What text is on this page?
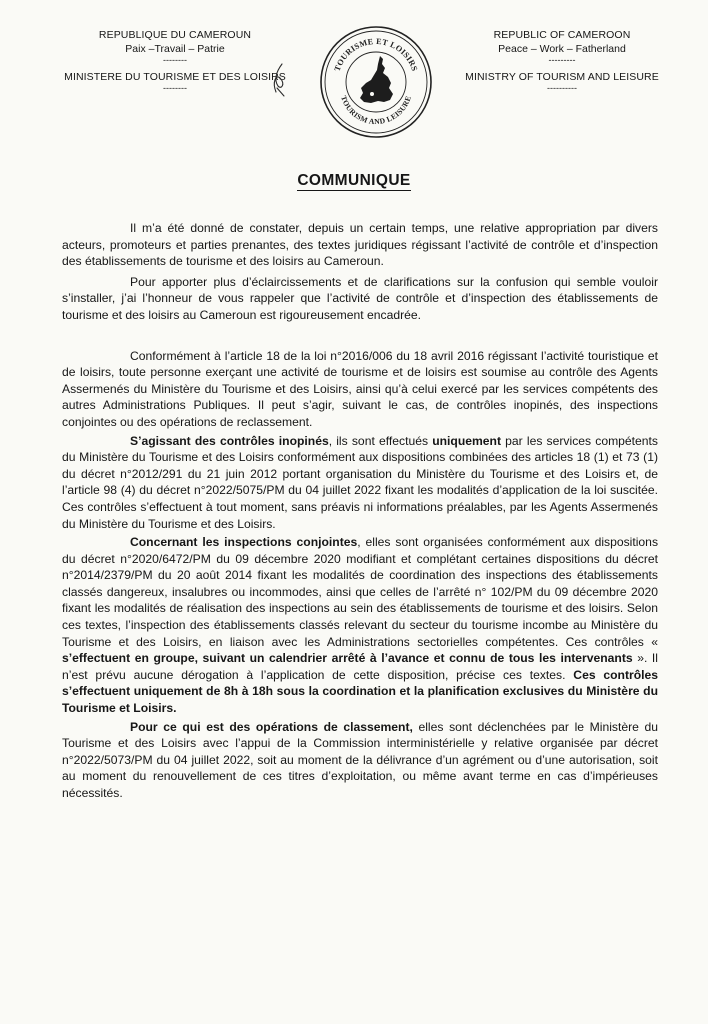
REPUBLIQUE DU CAMEROUN
Paix –Travail – Patrie
--------
MINISTERE DU TOURISME ET DES LOISIRS
--------
TOURISME ET LOISIRS
TOURISM AND LEISURE
REPUBLIC OF CAMEROON
Peace – Work – Fatherland
---------
MINISTRY OF TOURISM AND LEISURE
----------
COMMUNIQUE

Il m’a été donné de constater, depuis un certain temps, une relative appropriation par divers acteurs, promoteurs et parties prenantes, des textes juridiques régissant l’activité de contrôle et d’inspection des établissements de tourisme et des loisirs au Cameroun.

Pour apporter plus d’éclaircissements et de clarifications sur la confusion qui semble vouloir s’installer, j’ai l’honneur de vous rappeler que l’activité de contrôle et d’inspection des établissements de tourisme et des loisirs au Cameroun est rigoureusement encadrée.

Conformément à l’article 18 de la loi n°2016/006 du 18 avril 2016 régissant l’activité touristique et de loisirs, toute personne exerçant une activité de tourisme et de loisirs est soumise au contrôle des Agents Assermenés du Ministère du Tourisme et des Loisirs, ainsi qu’à celui exercé par les services compétents des autres Administrations Publiques. Il peut s’agir, suivant le cas, de contrôles inopinés, des inspections conjointes ou des opérations de reclassement.

S’agissant des contrôles inopinés, ils sont effectués uniquement par les services compétents du Ministère du Tourisme et des Loisirs conformément aux dispositions combinées des articles 18 (1) et 73 (1) du décret n°2012/291 du 21 juin 2012 portant organisation du Ministère du Tourisme et des Loisirs et, de l’article 98 (4) du décret n°2022/5075/PM du 04 juillet 2022 fixant les modalités d’application de la loi suscitée. Ces contrôles s’effectuent à tout moment, sans préavis ni informations préalables, par les Agents Assermenés du Ministère du Tourisme et des Loisirs.

Concernant les inspections conjointes, elles sont organisées conformément aux dispositions du décret n°2020/6472/PM du 09 décembre 2020 modifiant et complétant certaines dispositions du décret n°2014/2379/PM du 20 août 2014 fixant les modalités de coordination des inspections des établissements classés dangereux, insalubres ou incommodes, ainsi que celles de l’arrêté n° 102/PM du 09 décembre 2020 fixant les modalités de réalisation des inspections au sein des établissements de tourisme et des loisirs. Selon ces textes, l’inspection des établissements classés relevant du secteur du tourisme incombe au Ministère du Tourisme et des Loisirs, en liaison avec les Administrations sectorielles compétentes. Ces contrôles « s’effectuent en groupe, suivant un calendrier arrêté à l’avance et connu de tous les intervenants ». Il n’est prévu aucune dérogation à l’application de cette disposition, précise ces textes. Ces contrôles s’effectuent uniquement de 8h à 18h sous la coordination et la planification exclusives du Ministère du Tourisme et Loisirs.

Pour ce qui est des opérations de classement, elles sont déclenchées par le Ministère du Tourisme et des Loisirs avec l’appui de la Commission interministérielle y relative organisée par décret n°2022/5073/PM du 04 juillet 2022, soit au moment de la délivrance d’un agrément ou d’une autorisation, soit au moment du renouvellement de ces titres d’exploitation, ou même avant terme en cas d’impérieuses nécessités.
